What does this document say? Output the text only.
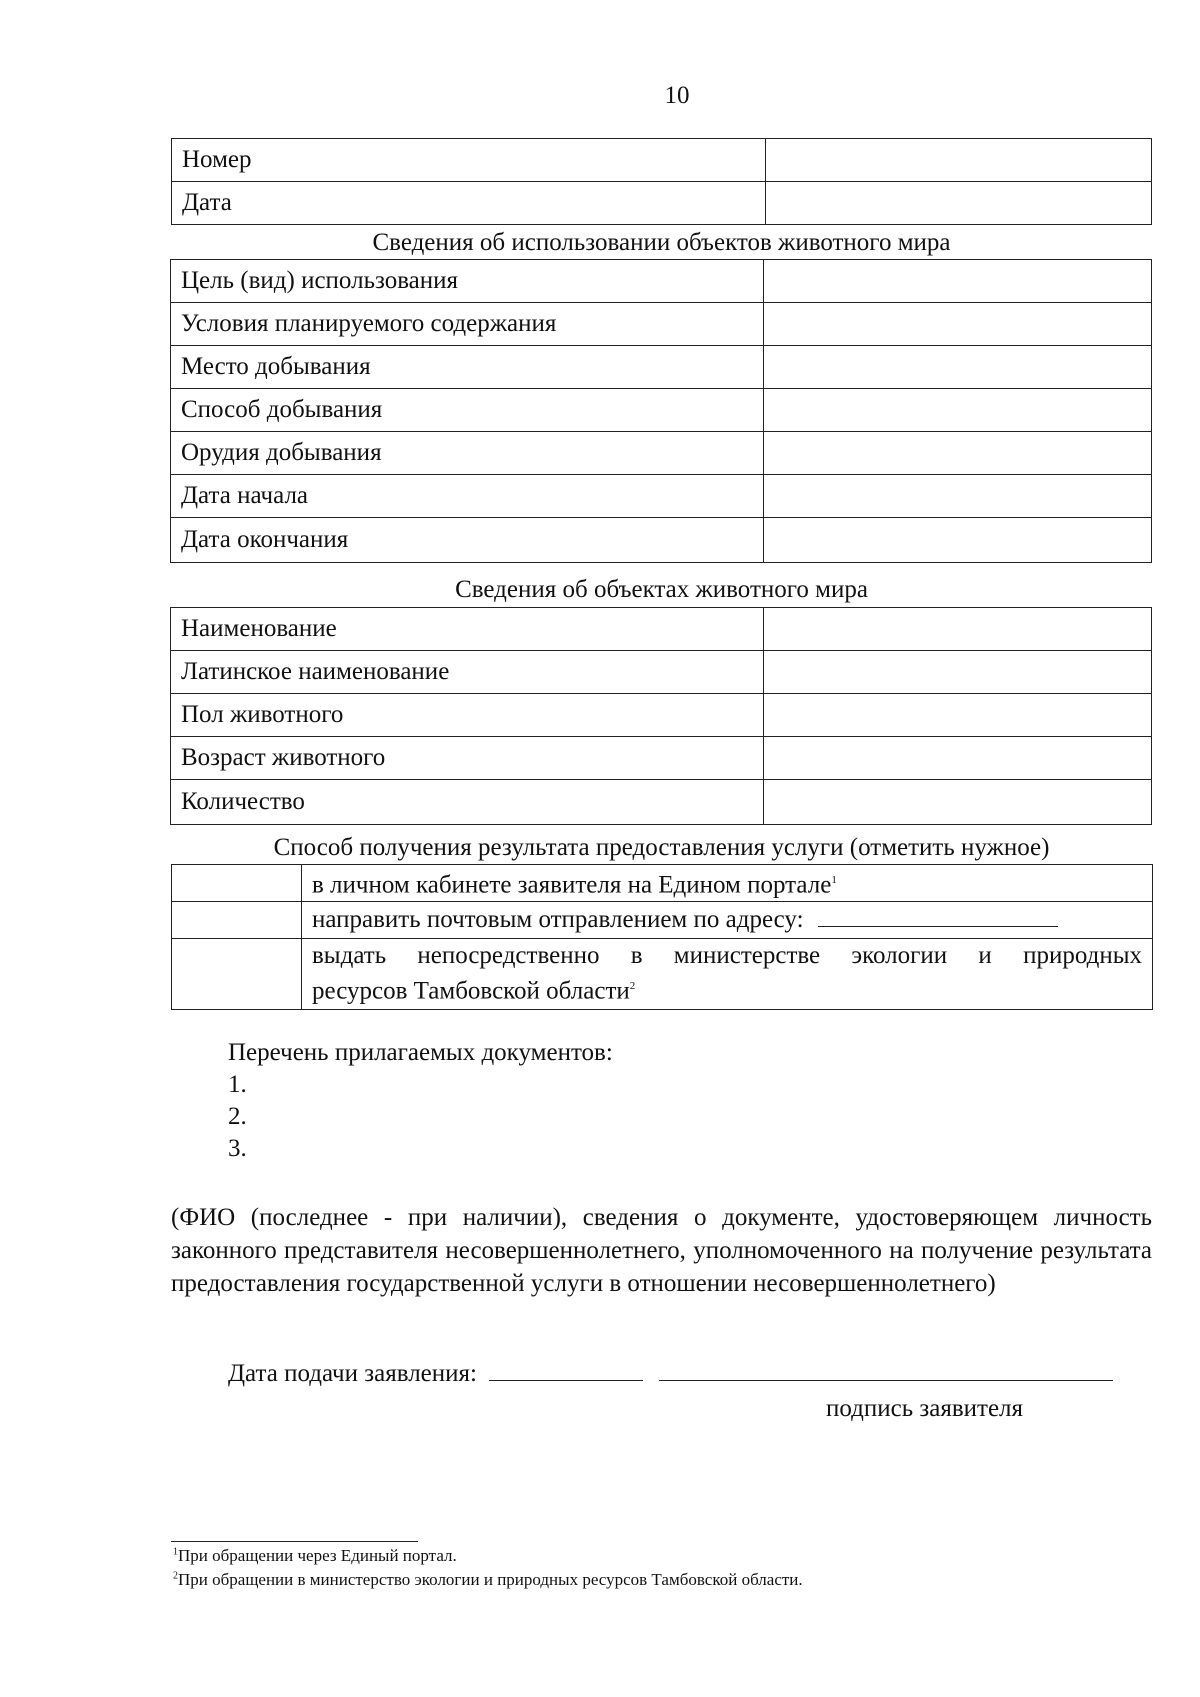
10
Номер	
Дата	
Сведения об использовании объектов животного мира
Цель (вид) использования	
Условия планируемого содержания	
Место добывания	
Способ добывания	
Орудия добывания	
Дата начала	
Дата окончания	
Сведения об объектах животного мира
Наименование	
Латинское наименование	
Пол животного	
Возраст животного	
Количество	
Способ получения результата предоставления услуги (отметить нужное)
	в личном кабинете заявителя на Едином портале$^1$
	направить почтовым отправлением по адресу:

	выдать непосредственно в министерстве экологии и природных
ресурсов Тамбовской области$^2$
Перечень прилагаемых документов:
1.
2.
3.
(ФИО (последнее - при наличии), сведения о документе, удостоверяющем личность законного представителя несовершеннолетнего, уполномоченного на получение результата предоставления государственной услуги в отношении несовершеннолетнего)
Дата подачи заявления:
подпись заявителя
$^1$При обращении через Единый портал.
$^2$При обращении в министерство экологии и природных ресурсов Тамбовской области.
